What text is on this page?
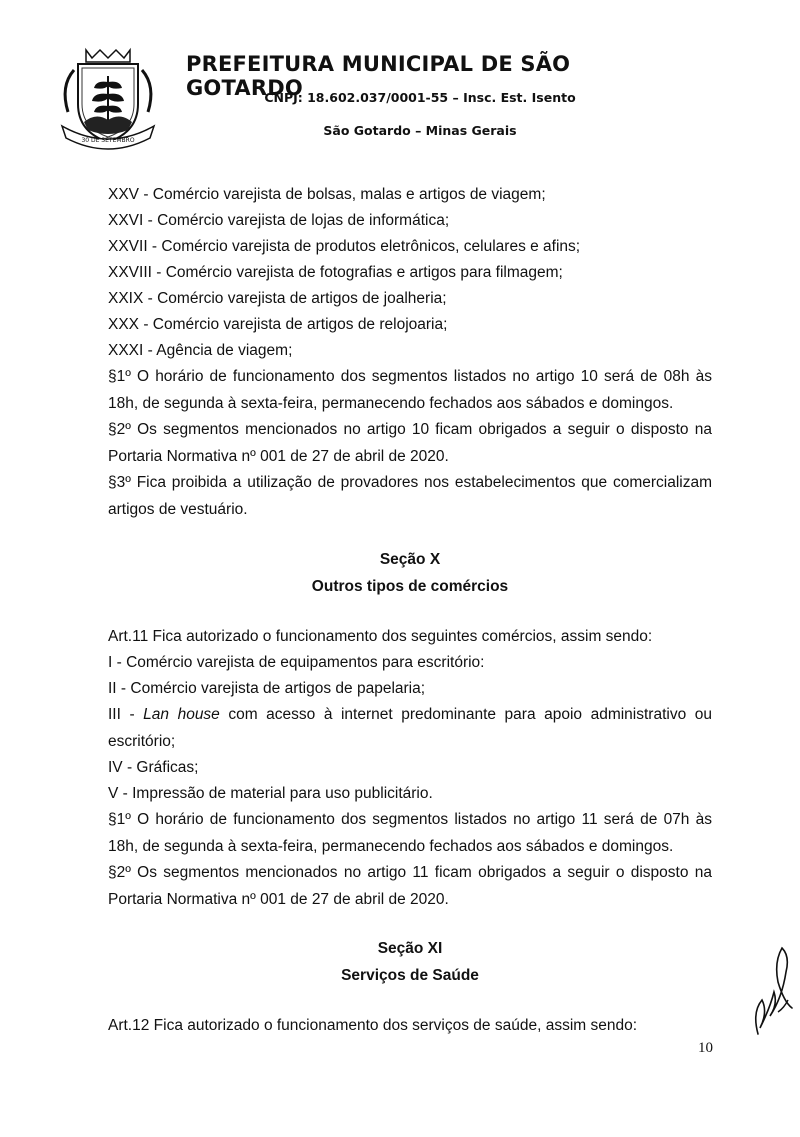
30 DE SETEMBRO
PREFEITURA MUNICIPAL DE SÃO GOTARDO
CNPJ: 18.602.037/0001-55 – Insc. Est. Isento
São Gotardo – Minas Gerais
XXV - Comércio varejista de bolsas, malas e artigos de viagem;
XXVI - Comércio varejista de lojas de informática;
XXVII - Comércio varejista de produtos eletrônicos, celulares e afins;
XXVIII - Comércio varejista de fotografias e artigos para filmagem;
XXIX - Comércio varejista de artigos de joalheria;
XXX - Comércio varejista de artigos de relojoaria;
XXXI - Agência de viagem;
§1º O horário de funcionamento dos segmentos listados no artigo 10 será de 08h às 18h, de segunda à sexta-feira, permanecendo fechados aos sábados e domingos.
§2º Os segmentos mencionados no artigo 10 ficam obrigados a seguir o disposto na Portaria Normativa nº 001 de 27 de abril de 2020.
§3º Fica proibida a utilização de provadores nos estabelecimentos que comercializam artigos de vestuário.
Seção X
Outros tipos de comércios
Art.11 Fica autorizado o funcionamento dos seguintes comércios, assim sendo:
I - Comércio varejista de equipamentos para escritório:
II - Comércio varejista de artigos de papelaria;
III - Lan house com acesso à internet predominante para apoio administrativo ou escritório;
IV - Gráficas;
V - Impressão de material para uso publicitário.
§1º O horário de funcionamento dos segmentos listados no artigo 11 será de 07h às 18h, de segunda à sexta-feira, permanecendo fechados aos sábados e domingos.
§2º Os segmentos mencionados no artigo 11 ficam obrigados a seguir o disposto na Portaria Normativa nº 001 de 27 de abril de 2020.
Seção XI
Serviços de Saúde
Art.12 Fica autorizado o funcionamento dos serviços de saúde, assim sendo:
10
